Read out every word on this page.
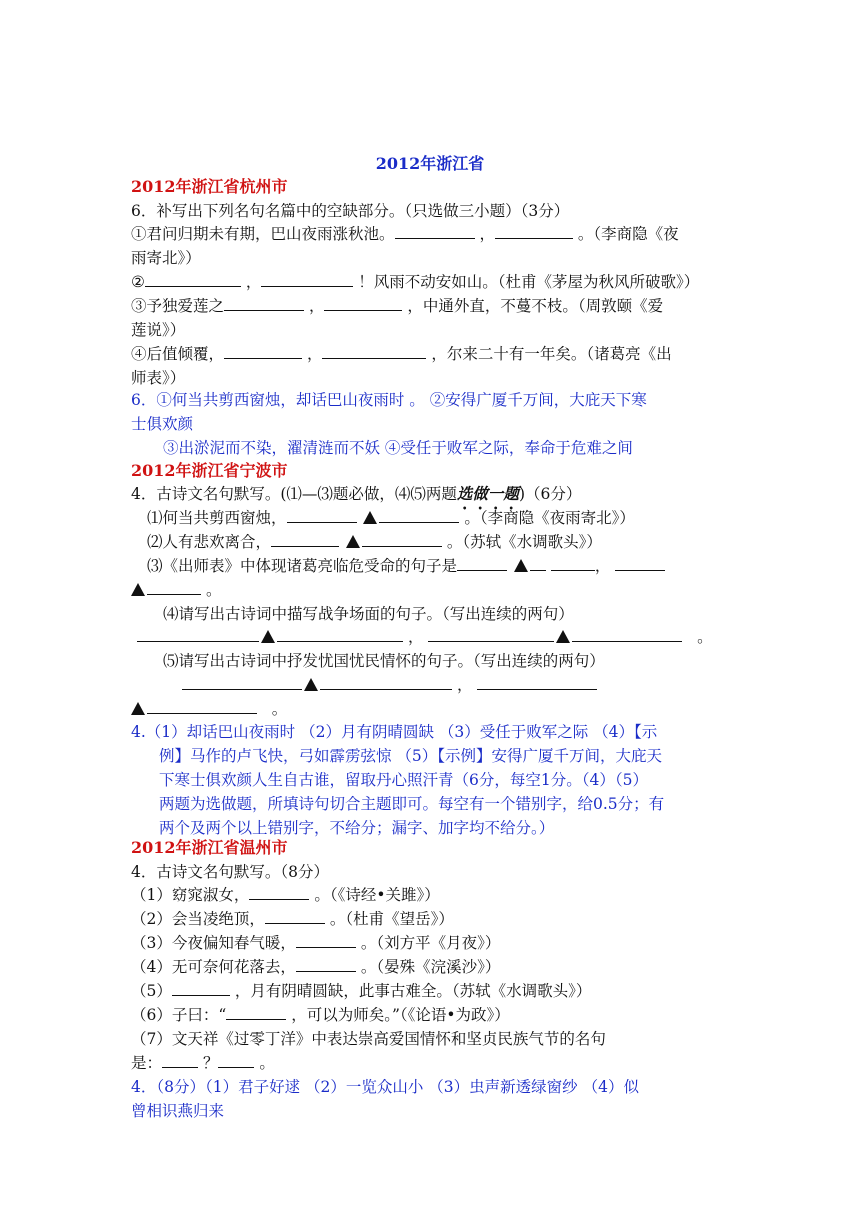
2012年浙江省
2012年浙江省杭州市
6．补写出下列名句名篇中的空缺部分。（只选做三小题）（3分）
①君问归期未有期，巴山夜雨涨秋池。	，	。（李商隐《夜
雨寄北》）
②	，	！风雨不动安如山。（杜甫《茅屋为秋风所破歌》）
③予独爱莲之	，	，中通外直，不蔓不枝。（周敦颐《爱
莲说》）
④后值倾覆，	，	，尔来二十有一年矣。（诸葛亮《出
师表》）
6．①何当共剪西窗烛，却话巴山夜雨时 。 ②安得广厦千万间，大庇天下寒
士俱欢颜
③出淤泥而不染，濯清涟而不妖 ④受任于败军之际，奉命于危难之间
2012年浙江省宁波市
4．古诗文名句默写。(⑴—⑶题必做，⑷⑸两题选做一题)（6分）
⑴何当共剪西窗烛，	。（李商隐《夜雨寄北》）
⑵人有悲欢离合，	。（苏轼《水调歌头》）
⑶《出师表》中体现诸葛亮临危受命的句子是	，
。
⑷请写出古诗词中描写战争场面的句子。（写出连续的两句）
，	。
⑸请写出古诗词中抒发忧国忧民情怀的句子。（写出连续的两句）
，
。
4.（1）却话巴山夜雨时 （2）月有阴晴圆缺 （3）受任于败军之际 （4）【示
例】马作的卢飞快，弓如霹雳弦惊 （5）【示例】安得广厦千万间，大庇天
下寒士俱欢颜人生自古谁，留取丹心照汗青（6分，每空1分。（4）（5）
两题为选做题，所填诗句切合主题即可。每空有一个错别字，给0.5分；有
两个及两个以上错别字，不给分；漏字、加字均不给分。）
2012年浙江省温州市
4．古诗文名句默写。（8分）
（1）窈窕淑女，	。（《诗经•关雎》）
（2）会当凌绝顶，	。（杜甫《望岳》）
（3）今夜偏知春气暖，	。（刘方平《月夜》）
（4）无可奈何花落去，	。（晏殊《浣溪沙》）
（5）	，月有阴晴圆缺，此事古难全。（苏轼《水调歌头》）
（6）子曰：“	，可以为师矣。”（《论语•为政》）
（7）文天祥《过零丁洋》中表达崇高爱国情怀和坚贞民族气节的名句
是：	？	。
4．（8分）（1）君子好逑 （2）一览众山小 （3）虫声新透绿窗纱 （4）似
曾相识燕归来
